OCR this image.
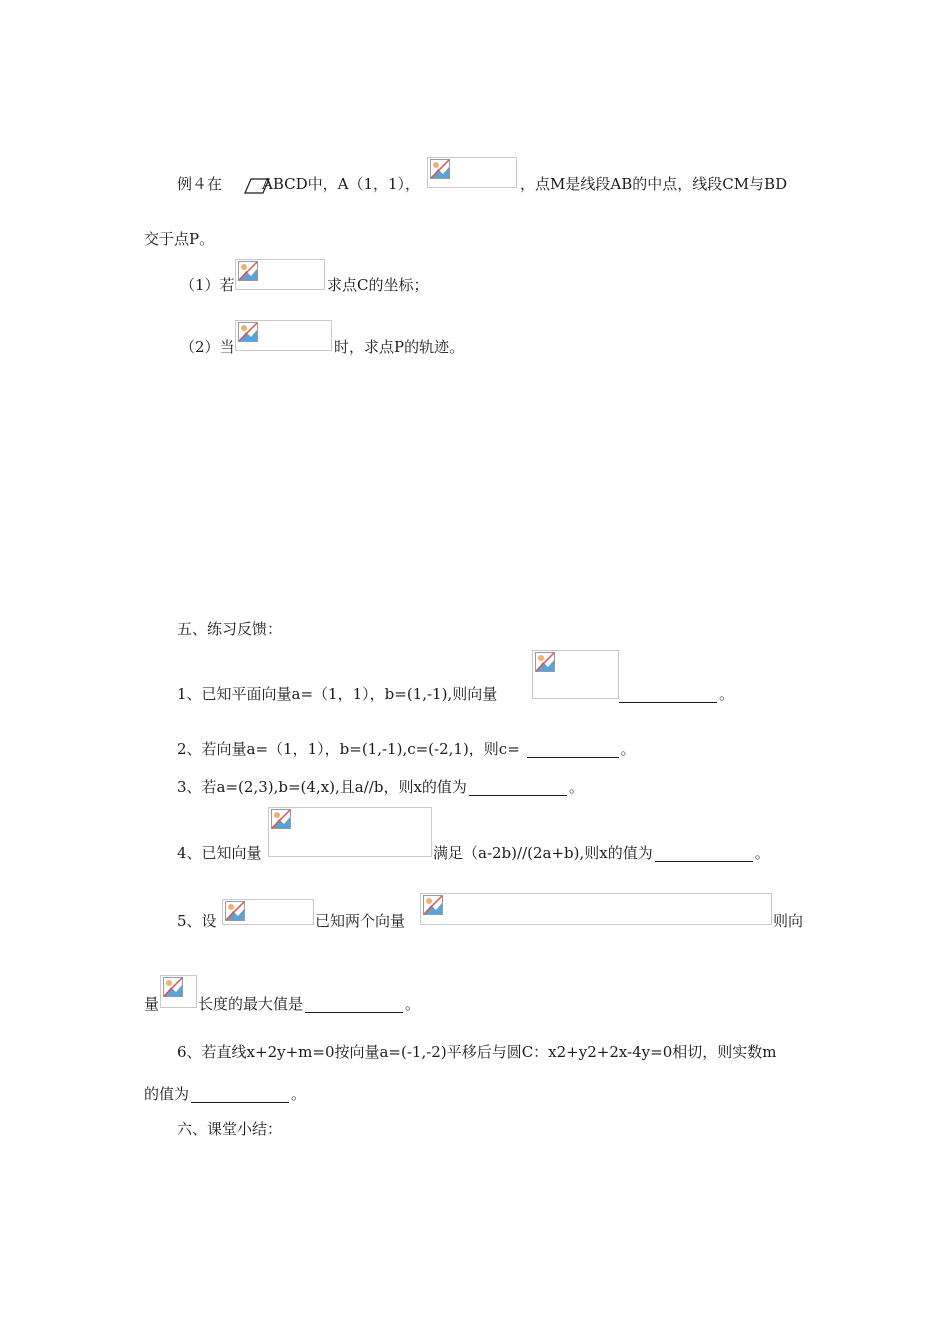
例４在	ABCD中，A（1，1），	，点M是线段AB的中点，线段CM与BD
交于点P。
（1）若	求点C的坐标；
（2）当	时，求点P的轨迹。
五、练习反馈：
1、已知平面向量a=（1，1），b=(1,-1),则向量	。
2、若向量a=（1，1），b=(1,-1),c=(-2,1)，则c=	。
3、若a=(2,3),b=(4,x),且a//b，则x的值为	。
4、已知向量	满足（a-2b)//(2a+b),则x的值为	。
5、设	已知两个向量	则向
量	长度的最大值是	。
6、若直线x+2y+m=0按向量a=(-1,-2)平移后与圆C：x2+y2+2x-4y=0相切，则实数m
的值为	。
六、课堂小结：
